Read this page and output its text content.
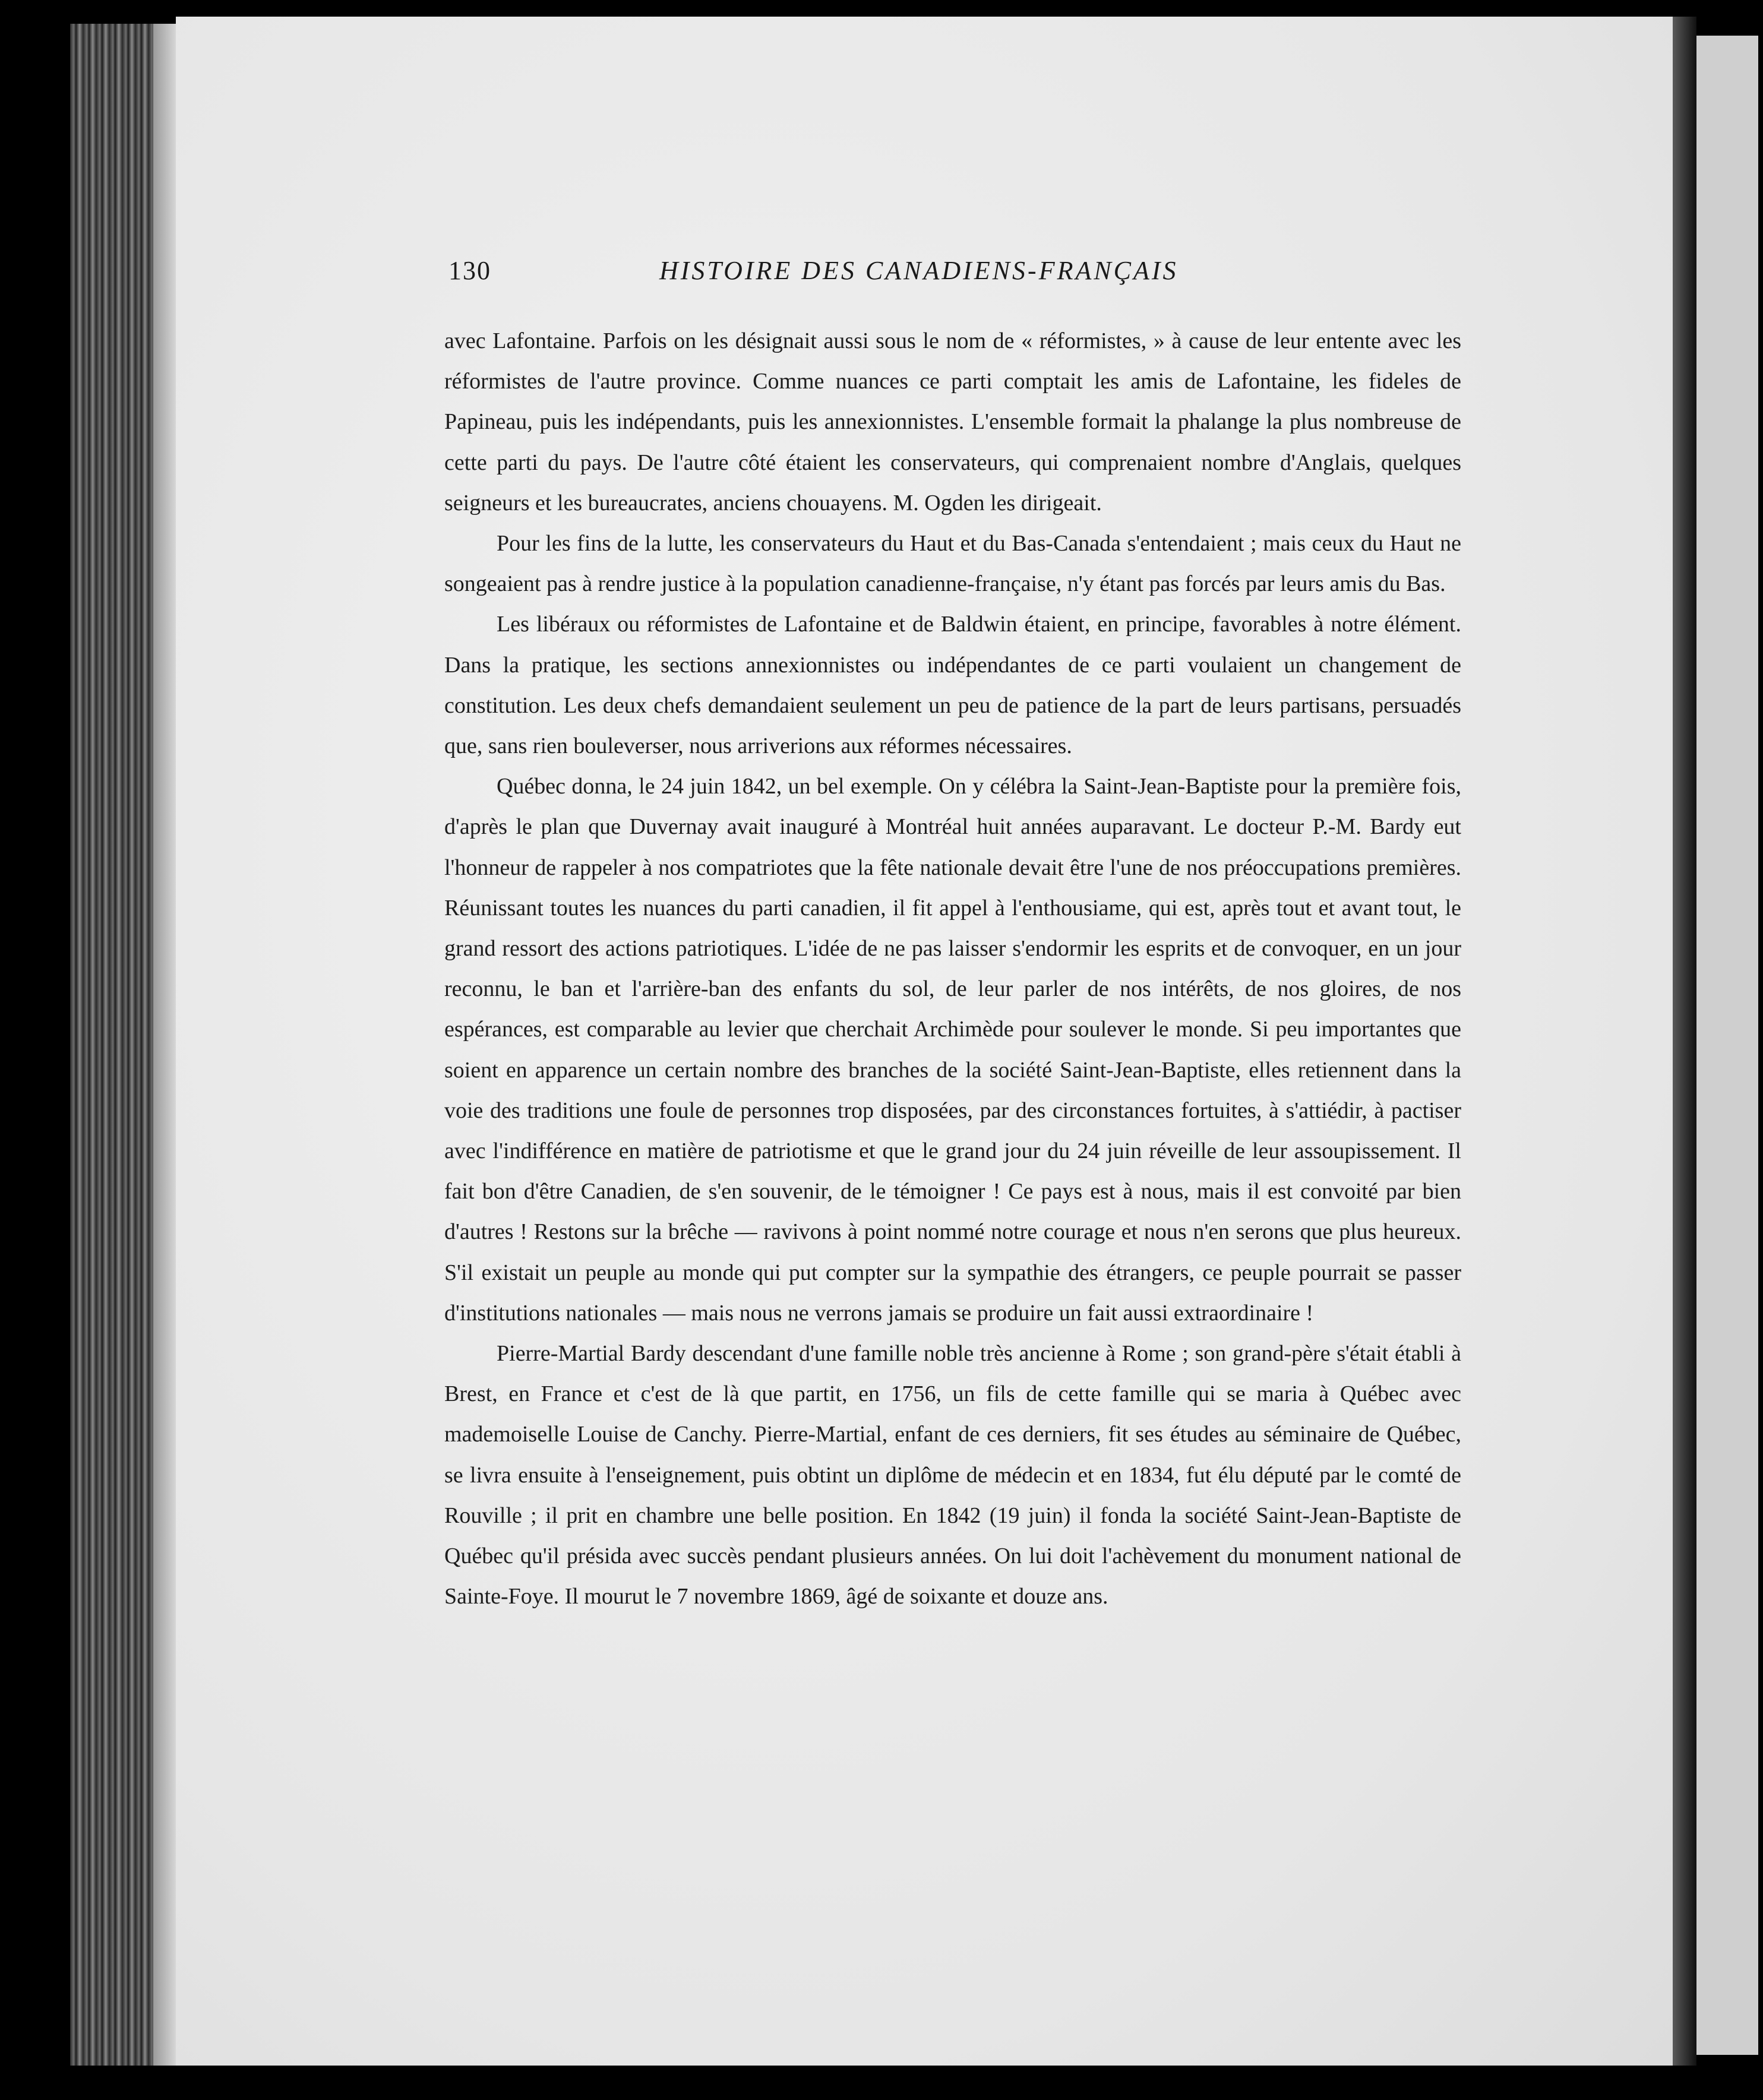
130	HISTOIRE DES CANADIENS-FRANÇAIS

avec Lafontaine. Parfois on les désignait aussi sous le nom de « réformistes, » à cause de leur entente avec les réformistes de l'autre province. Comme nuances ce parti comptait les amis de Lafontaine, les fideles de Papineau, puis les indépendants, puis les annexionnistes. L'ensemble formait la phalange la plus nombreuse de cette parti du pays. De l'autre côté étaient les conservateurs, qui comprenaient nombre d'Anglais, quelques seigneurs et les bureaucrates, anciens chouayens. M. Ogden les dirigeait.

Pour les fins de la lutte, les conservateurs du Haut et du Bas-Canada s'entendaient ; mais ceux du Haut ne songeaient pas à rendre justice à la population canadienne-française, n'y étant pas forcés par leurs amis du Bas.

Les libéraux ou réformistes de Lafontaine et de Baldwin étaient, en principe, favorables à notre élément. Dans la pratique, les sections annexionnistes ou indépendantes de ce parti voulaient un changement de constitution. Les deux chefs demandaient seulement un peu de patience de la part de leurs partisans, persuadés que, sans rien bouleverser, nous arriverions aux réformes nécessaires.

Québec donna, le 24 juin 1842, un bel exemple. On y célébra la Saint-Jean-Baptiste pour la première fois, d'après le plan que Duvernay avait inauguré à Montréal huit années auparavant. Le docteur P.-M. Bardy eut l'honneur de rappeler à nos compatriotes que la fête nationale devait être l'une de nos préoccupations premières. Réunissant toutes les nuances du parti canadien, il fit appel à l'enthousiame, qui est, après tout et avant tout, le grand ressort des actions patriotiques. L'idée de ne pas laisser s'endormir les esprits et de convoquer, en un jour reconnu, le ban et l'arrière-ban des enfants du sol, de leur parler de nos intérêts, de nos gloires, de nos espérances, est comparable au levier que cherchait Archimède pour soulever le monde. Si peu importantes que soient en apparence un certain nombre des branches de la société Saint-Jean-Baptiste, elles retiennent dans la voie des traditions une foule de personnes trop disposées, par des circonstances fortuites, à s'attiédir, à pactiser avec l'indifférence en matière de patriotisme et que le grand jour du 24 juin réveille de leur assoupissement. Il fait bon d'être Canadien, de s'en souvenir, de le témoigner ! Ce pays est à nous, mais il est convoité par bien d'autres ! Restons sur la brêche — ravivons à point nommé notre courage et nous n'en serons que plus heureux. S'il existait un peuple au monde qui put compter sur la sympathie des étrangers, ce peuple pourrait se passer d'institutions nationales — mais nous ne verrons jamais se produire un fait aussi extraordinaire !

Pierre-Martial Bardy descendant d'une famille noble très ancienne à Rome ; son grand-père s'était établi à Brest, en France et c'est de là que partit, en 1756, un fils de cette famille qui se maria à Québec avec mademoiselle Louise de Canchy. Pierre-Martial, enfant de ces derniers, fit ses études au séminaire de Québec, se livra ensuite à l'enseignement, puis obtint un diplôme de médecin et en 1834, fut élu député par le comté de Rouville ; il prit en chambre une belle position. En 1842 (19 juin) il fonda la société Saint-Jean-Baptiste de Québec qu'il présida avec succès pendant plusieurs années. On lui doit l'achèvement du monument national de Sainte-Foye. Il mourut le 7 novembre 1869, âgé de soixante et douze ans.
